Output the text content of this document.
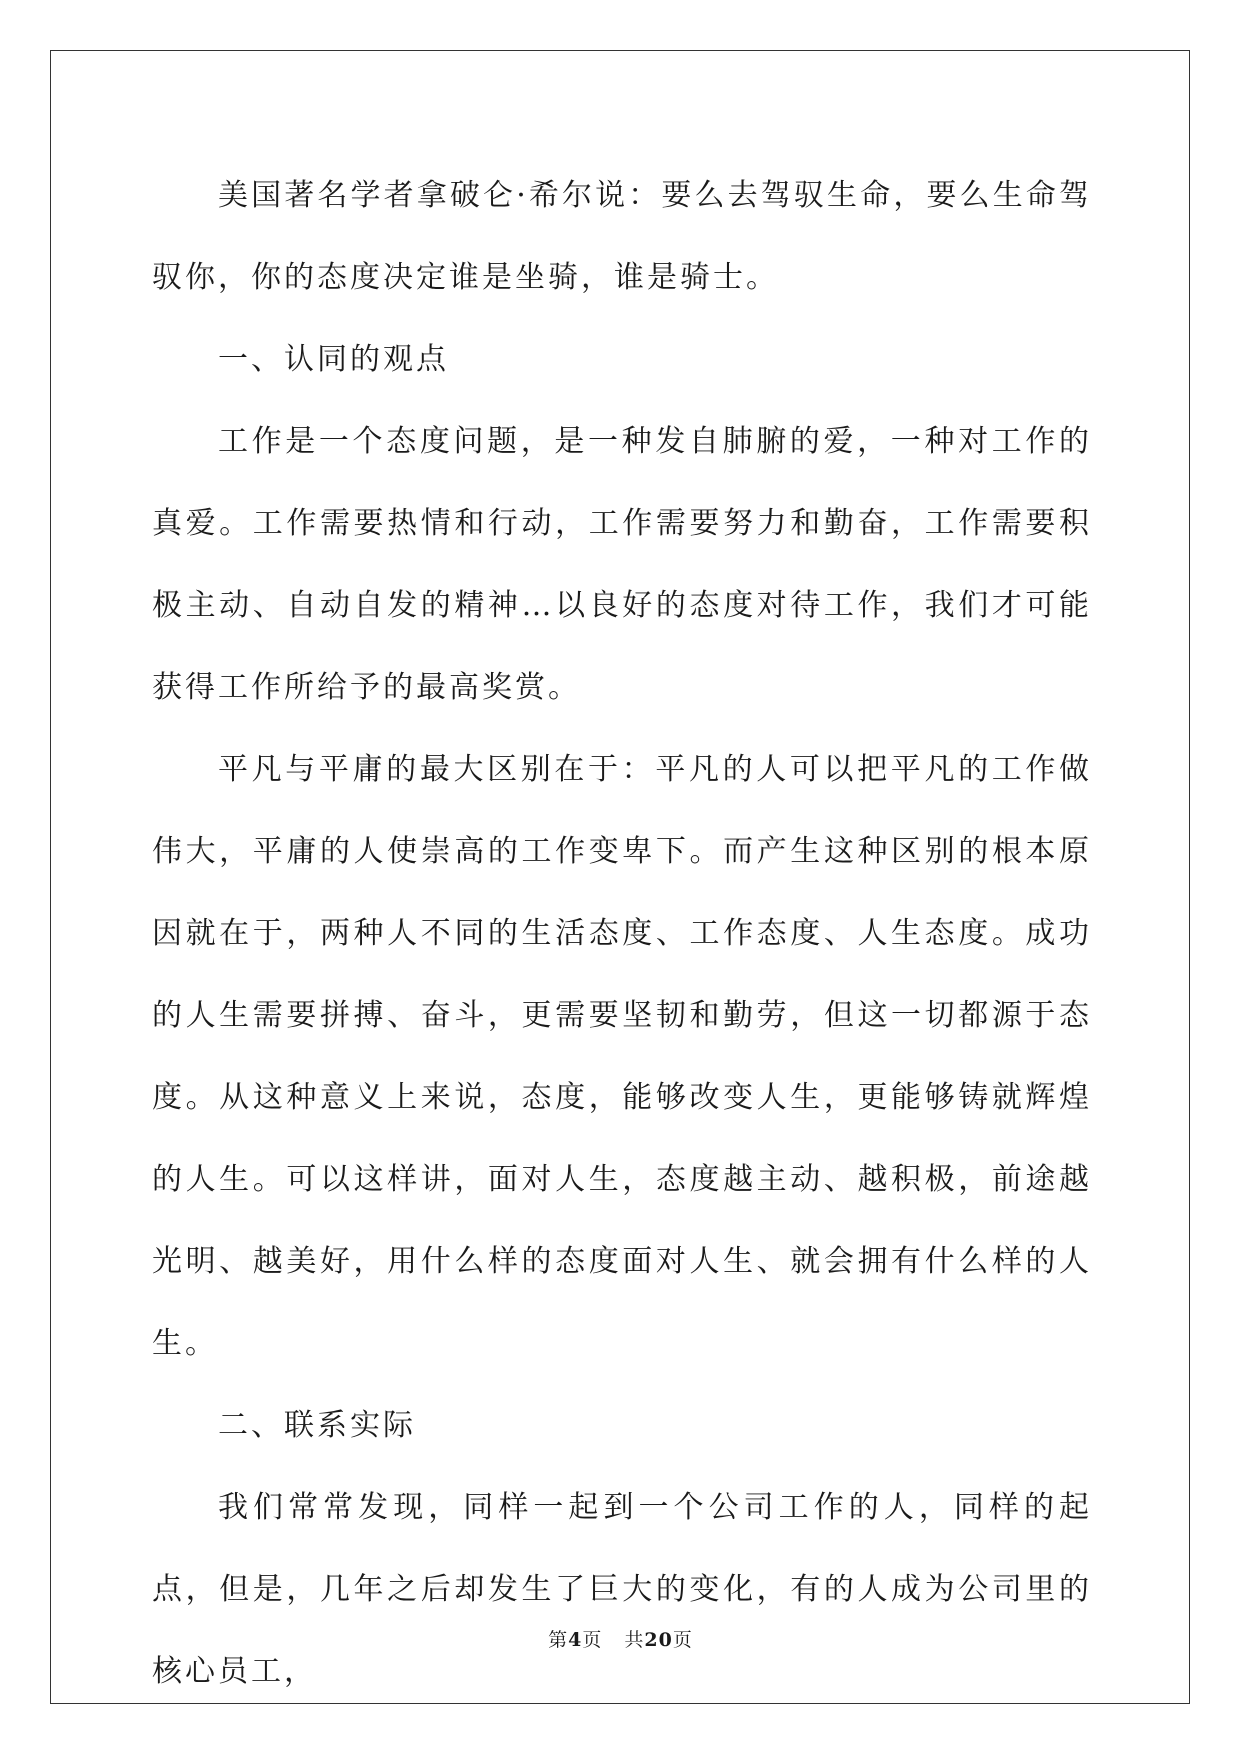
美国著名学者拿破仑·希尔说：要么去驾驭生命，要么生命驾驭你，你的态度决定谁是坐骑，谁是骑士。

一、认同的观点

工作是一个态度问题，是一种发自肺腑的爱，一种对工作的真爱。工作需要热情和行动，工作需要努力和勤奋，工作需要积极主动、自动自发的精神…以良好的态度对待工作，我们才可能获得工作所给予的最高奖赏。

平凡与平庸的最大区别在于：平凡的人可以把平凡的工作做伟大，平庸的人使崇高的工作变卑下。而产生这种区别的根本原因就在于，两种人不同的生活态度、工作态度、人生态度。成功的人生需要拼搏、奋斗，更需要坚韧和勤劳，但这一切都源于态度。从这种意义上来说，态度，能够改变人生，更能够铸就辉煌的人生。可以这样讲，面对人生，态度越主动、越积极，前途越光明、越美好，用什么样的态度面对人生、就会拥有什么样的人生。

二、联系实际

我们常常发现，同样一起到一个公司工作的人，同样的起点，但是，几年之后却发生了巨大的变化，有的人成为公司里的核心员工，

第4页 共20页
